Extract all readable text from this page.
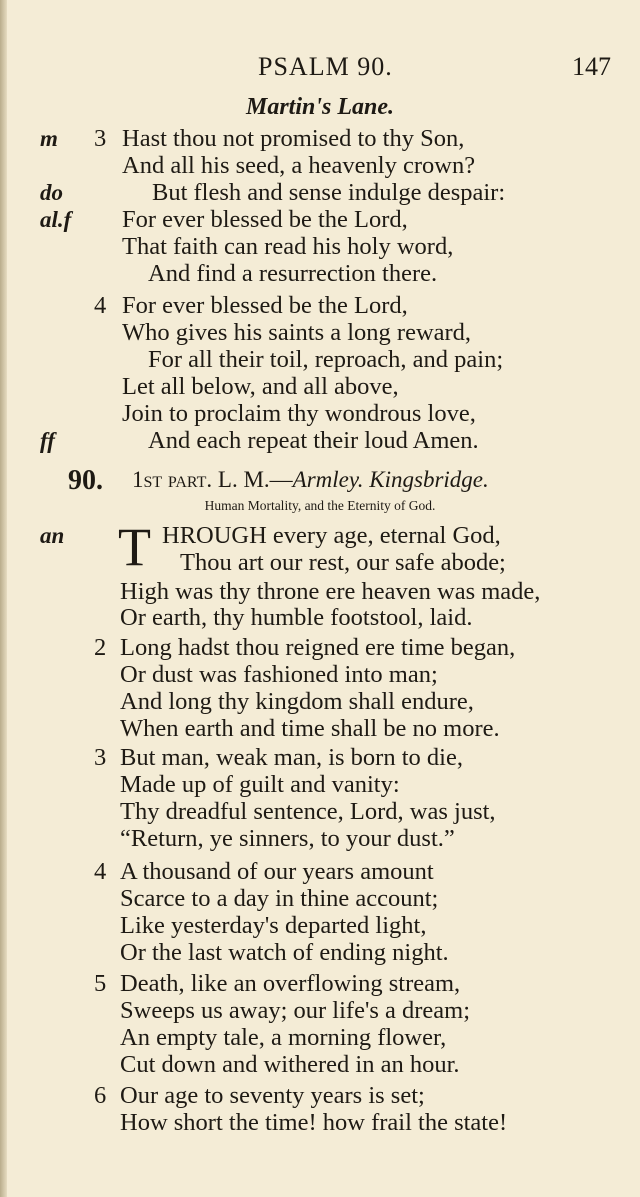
PSALM 90.	147
Martin's Lane.
m
do
al.f
ff
3
4
Hast thou not promised to thy Son,
And all his seed, a heavenly crown?
But flesh and sense indulge despair:
For ever blessed be the Lord,
That faith can read his holy word,
And find a resurrection there.
For ever blessed be the Lord,
Who gives his saints a long reward,
For all their toil, reproach, and pain;
Let all below, and all above,
Join to proclaim thy wondrous love,
And each repeat their loud Amen.
90. 1st part. L. M.—Armley. Kingsbridge.
Human Mortality, and the Eternity of God.
an T HROUGH every age, eternal God,
2
3
4
5
6
Thou art our rest, our safe abode;
High was thy throne ere heaven was made,
Or earth, thy humble footstool, laid.
Long hadst thou reigned ere time began,
Or dust was fashioned into man;
And long thy kingdom shall endure,
When earth and time shall be no more.
But man, weak man, is born to die,
Made up of guilt and vanity:
Thy dreadful sentence, Lord, was just,
“Return, ye sinners, to your dust.”
A thousand of our years amount
Scarce to a day in thine account;
Like yesterday's departed light,
Or the last watch of ending night.
Death, like an overflowing stream,
Sweeps us away; our life's a dream;
An empty tale, a morning flower,
Cut down and withered in an hour.
Our age to seventy years is set;
How short the time! how frail the state!
